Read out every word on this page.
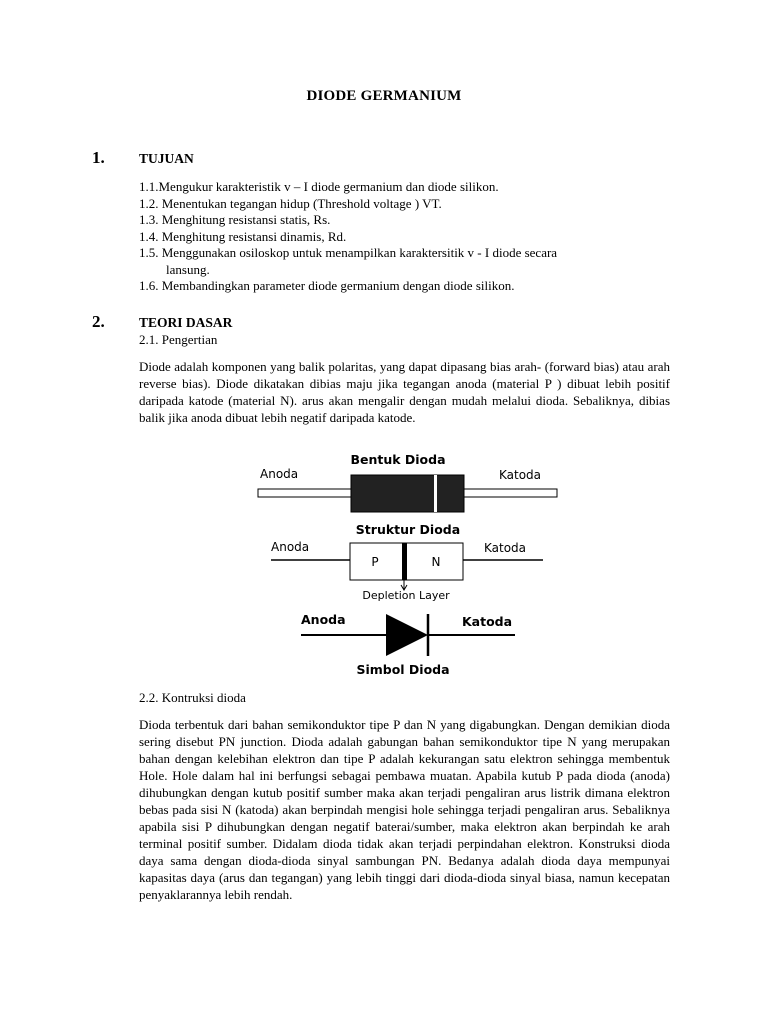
DIODE GERMANIUM
1.	TUJUAN
1.1.Mengukur karakteristik v – I diode germanium dan diode silikon.
1.2. Menentukan tegangan hidup (Threshold voltage ) VT.
1.3. Menghitung resistansi statis, Rs.
1.4. Menghitung resistansi dinamis, Rd.
1.5. Menggunakan osiloskop untuk menampilkan karaktersitik v - I diode secara
lansung.
1.6. Membandingkan parameter diode germanium dengan diode silikon.
2.	TEORI DASAR
2.1. Pengertian

Diode adalah komponen yang balik polaritas, yang dapat dipasang bias arah- (forward bias) atau arah reverse bias). Diode dikatakan dibias maju jika tegangan anoda (material P ) dibuat lebih positif daripada katode (material N). arus akan mengalir dengan mudah melalui dioda. Sebaliknya, dibias balik jika anoda dibuat lebih negatif daripada katode.

Bentuk Dioda
Anoda	Katoda
Struktur Dioda
Anoda	Katoda
P	N
Depletion Layer
Anoda	Katoda
Simbol Dioda
2.2. Kontruksi dioda

Dioda terbentuk dari bahan semikonduktor tipe P dan N yang digabungkan. Dengan demikian dioda sering disebut PN junction. Dioda adalah gabungan bahan semikonduktor tipe N yang merupakan bahan dengan kelebihan elektron dan tipe P adalah kekurangan satu elektron sehingga membentuk Hole. Hole dalam hal ini berfungsi sebagai pembawa muatan. Apabila kutub P pada dioda (anoda) dihubungkan dengan kutub positif sumber maka akan terjadi pengaliran arus listrik dimana elektron bebas pada sisi N (katoda) akan berpindah mengisi hole sehingga terjadi pengaliran arus. Sebaliknya apabila sisi P dihubungkan dengan negatif baterai/sumber, maka elektron akan berpindah ke arah terminal positif sumber. Didalam dioda tidak akan terjadi perpindahan elektron. Konstruksi dioda daya sama dengan dioda-dioda sinyal sambungan PN. Bedanya adalah dioda daya mempunyai kapasitas daya (arus dan tegangan) yang lebih tinggi dari dioda-dioda sinyal biasa, namun kecepatan penyaklarannya lebih rendah.
